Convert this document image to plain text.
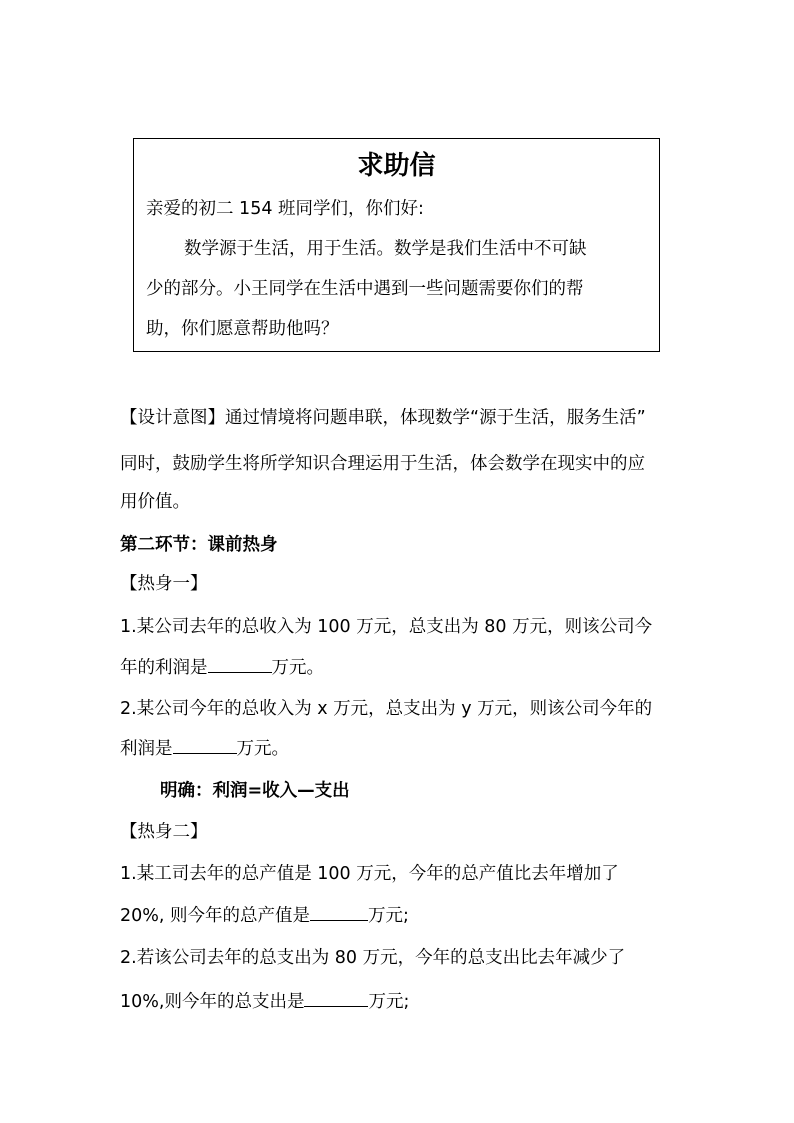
求助信
亲爱的初二 154 班同学们，你们好:
数学源于生活，用于生活。数学是我们生活中不可缺
少的部分。小王同学在生活中遇到一些问题需要你们的帮
助，你们愿意帮助他吗？
【设计意图】通过情境将问题串联，体现数学“源于生活，服务生活”
同时，鼓励学生将所学知识合理运用于生活，体会数学在现实中的应
用价值。
第二环节：课前热身
【热身一】
1.某公司去年的总收入为 100 万元，总支出为 80 万元，则该公司今
年的利润是	万元。
2.某公司今年的总收入为 x 万元，总支出为 y 万元，则该公司今年的
利润是	万元。
明确：利润=收入—支出
【热身二】
1.某工司去年的总产值是 100 万元，今年的总产值比去年增加了
20%, 则今年的总产值是	万元;
2.若该公司去年的总支出为 80 万元，今年的总支出比去年减少了
10%,则今年的总支出是	万元;
